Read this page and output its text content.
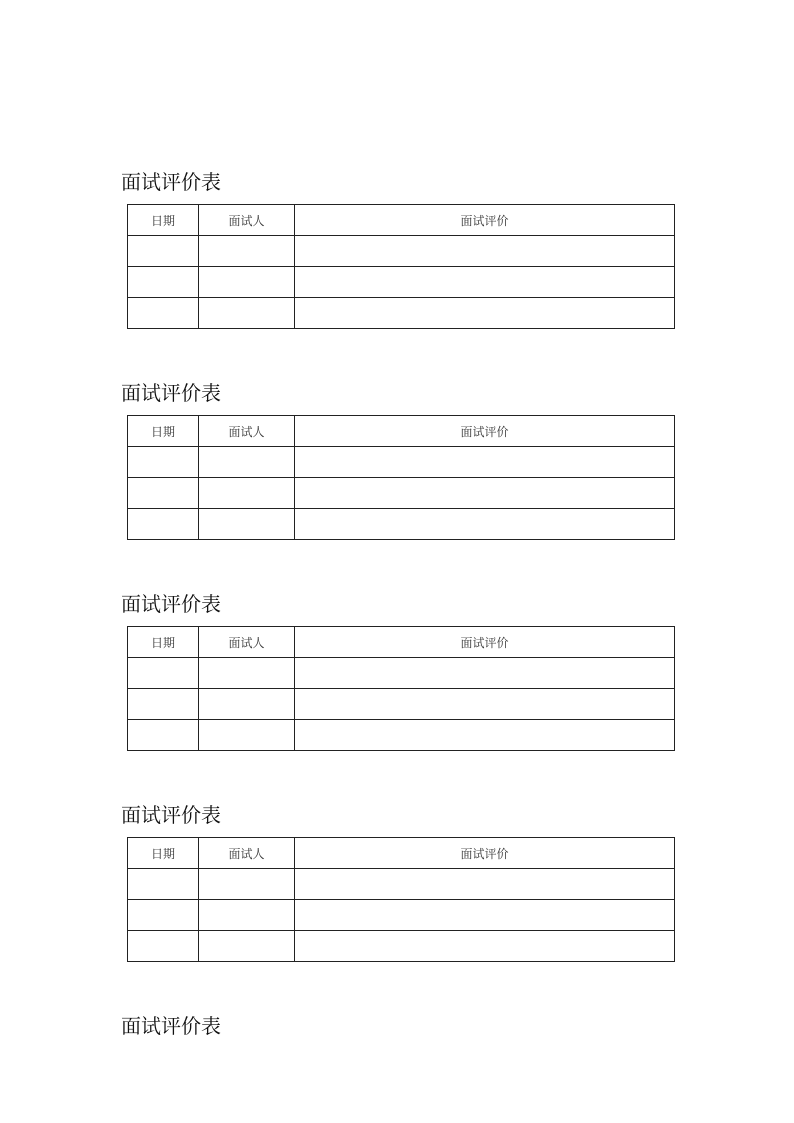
面试评价表
日期	面试人	面试评价

面试评价表
日期	面试人	面试评价

面试评价表
日期	面试人	面试评价

面试评价表
日期	面试人	面试评价

面试评价表
